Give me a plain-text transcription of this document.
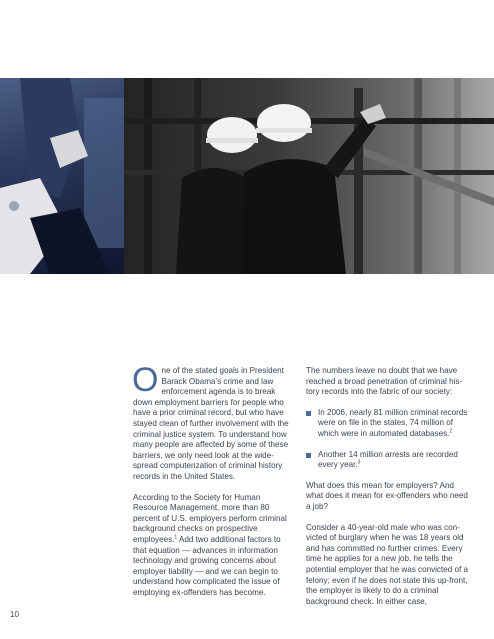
One of the stated goals in President Barack Obama’s crime and law enforcement agenda is to break down employment barriers for people who have a prior criminal record, but who have stayed clean of further involvement with the criminal justice system. To understand how many people are affected by some of these barriers, we only need look at the wide-spread computerization of criminal history records in the United States.

According to the Society for Human Resource Management, more than 80 percent of U.S. employers perform criminal background checks on prospective employees.$^1$ Add two additional factors to that equation — advances in information technology and growing concerns about employer liability — and we can begin to understand how complicated the issue of employing ex-offenders has become.

The numbers leave no doubt that we have reached a broad penetration of criminal his-tory records into the fabric of our society:

In 2006, nearly 81 million criminal records were on file in the states, 74 million of which were in automated databases.$^2$

Another 14 million arrests are recorded every year.$^3$

What does this mean for employers? And what does it mean for ex-offenders who need a job?

Consider a 40-year-old male who was con-victed of burglary when he was 18 years old and has committed no further crimes. Every time he applies for a new job, he tells the potential employer that he was convicted of a felony; even if he does not state this up-front, the employer is likely to do a criminal background check. In either case,

10
